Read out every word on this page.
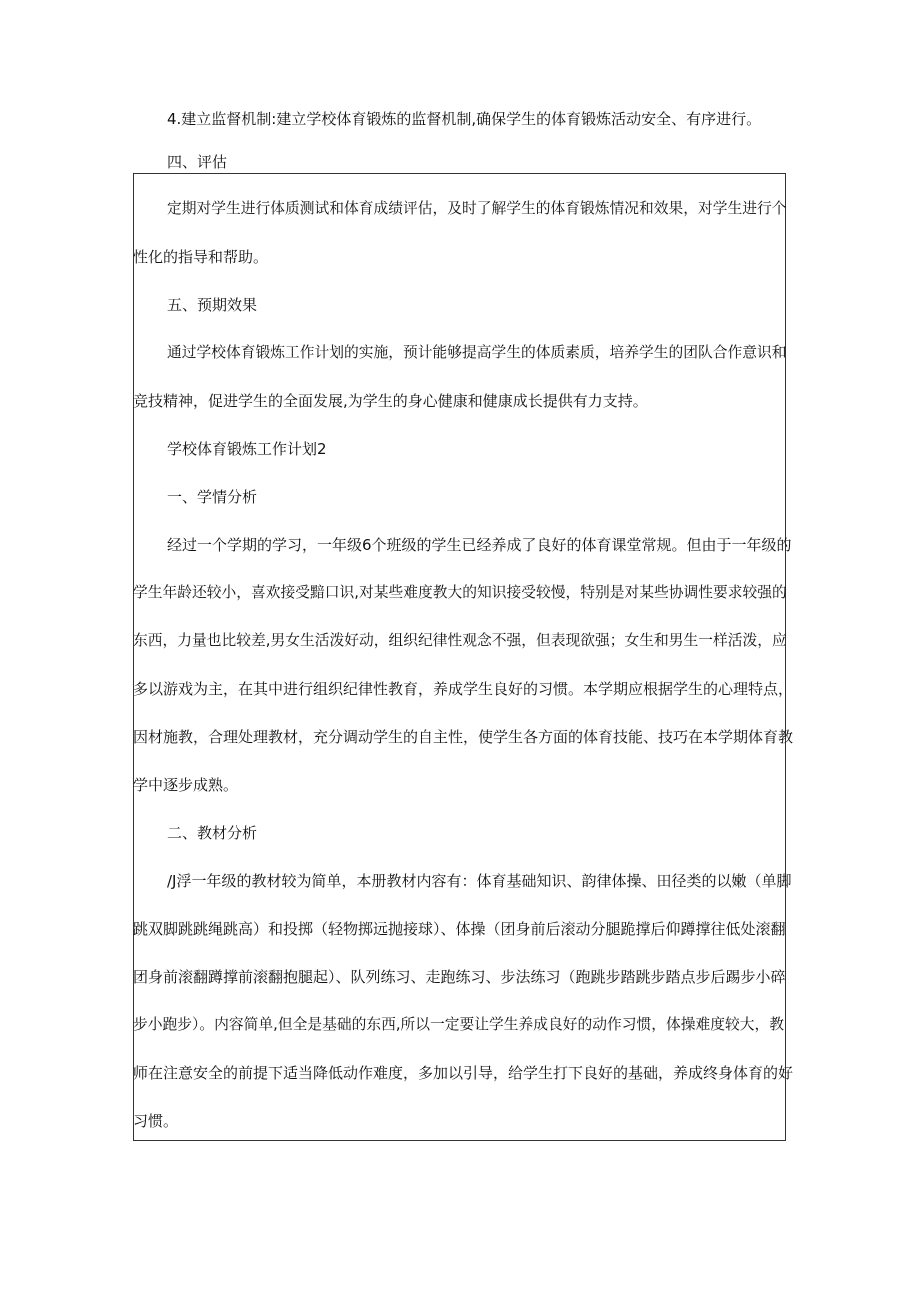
4.建立监督机制:建立学校体育锻炼的监督机制,确保学生的体育锻炼活动安全、有序进行。
四、评估
定期对学生进行体质测试和体育成绩评估，及时了解学生的体育锻炼情况和效果，对学生进行个
性化的指导和帮助。
五、预期效果
通过学校体育锻炼工作计划的实施，预计能够提高学生的体质素质，培养学生的团队合作意识和
竞技精神，促进学生的全面发展,为学生的身心健康和健康成长提供有力支持。
学校体育锻炼工作计划2
一、学情分析
经过一个学期的学习，一年级6个班级的学生已经养成了良好的体育课堂常规。但由于一年级的
学生年龄还较小，喜欢接受黯口识,对某些难度教大的知识接受较慢，特别是对某些协调性要求较强的
东西，力量也比较差,男女生活泼好动，组织纪律性观念不强，但表现欲强；女生和男生一样活泼，应
多以游戏为主，在其中进行组织纪律性教育，养成学生良好的习惯。本学期应根据学生的心理特点，
因材施教，合理处理教材，充分调动学生的自主性，使学生各方面的体育技能、技巧在本学期体育教
学中逐步成熟。
二、教材分析
/J浮一年级的教材较为简单，本册教材内容有：体育基础知识、韵律体操、田径类的以嫩（单脚
跳双脚跳跳绳跳高）和投掷（轻物掷远抛接球）、体操（团身前后滚动分腿跪撑后仰蹲撑往低处滚翻
团身前滚翻蹲撑前滚翻抱腿起）、队列练习、走跑练习、步法练习（跑跳步踏跳步踏点步后踢步小碎
步小跑步）。内容简单,但全是基础的东西,所以一定要让学生养成良好的动作习惯，体操难度较大，教
师在注意安全的前提下适当降低动作难度，多加以引导，给学生打下良好的基础，养成终身体育的好
习惯。
